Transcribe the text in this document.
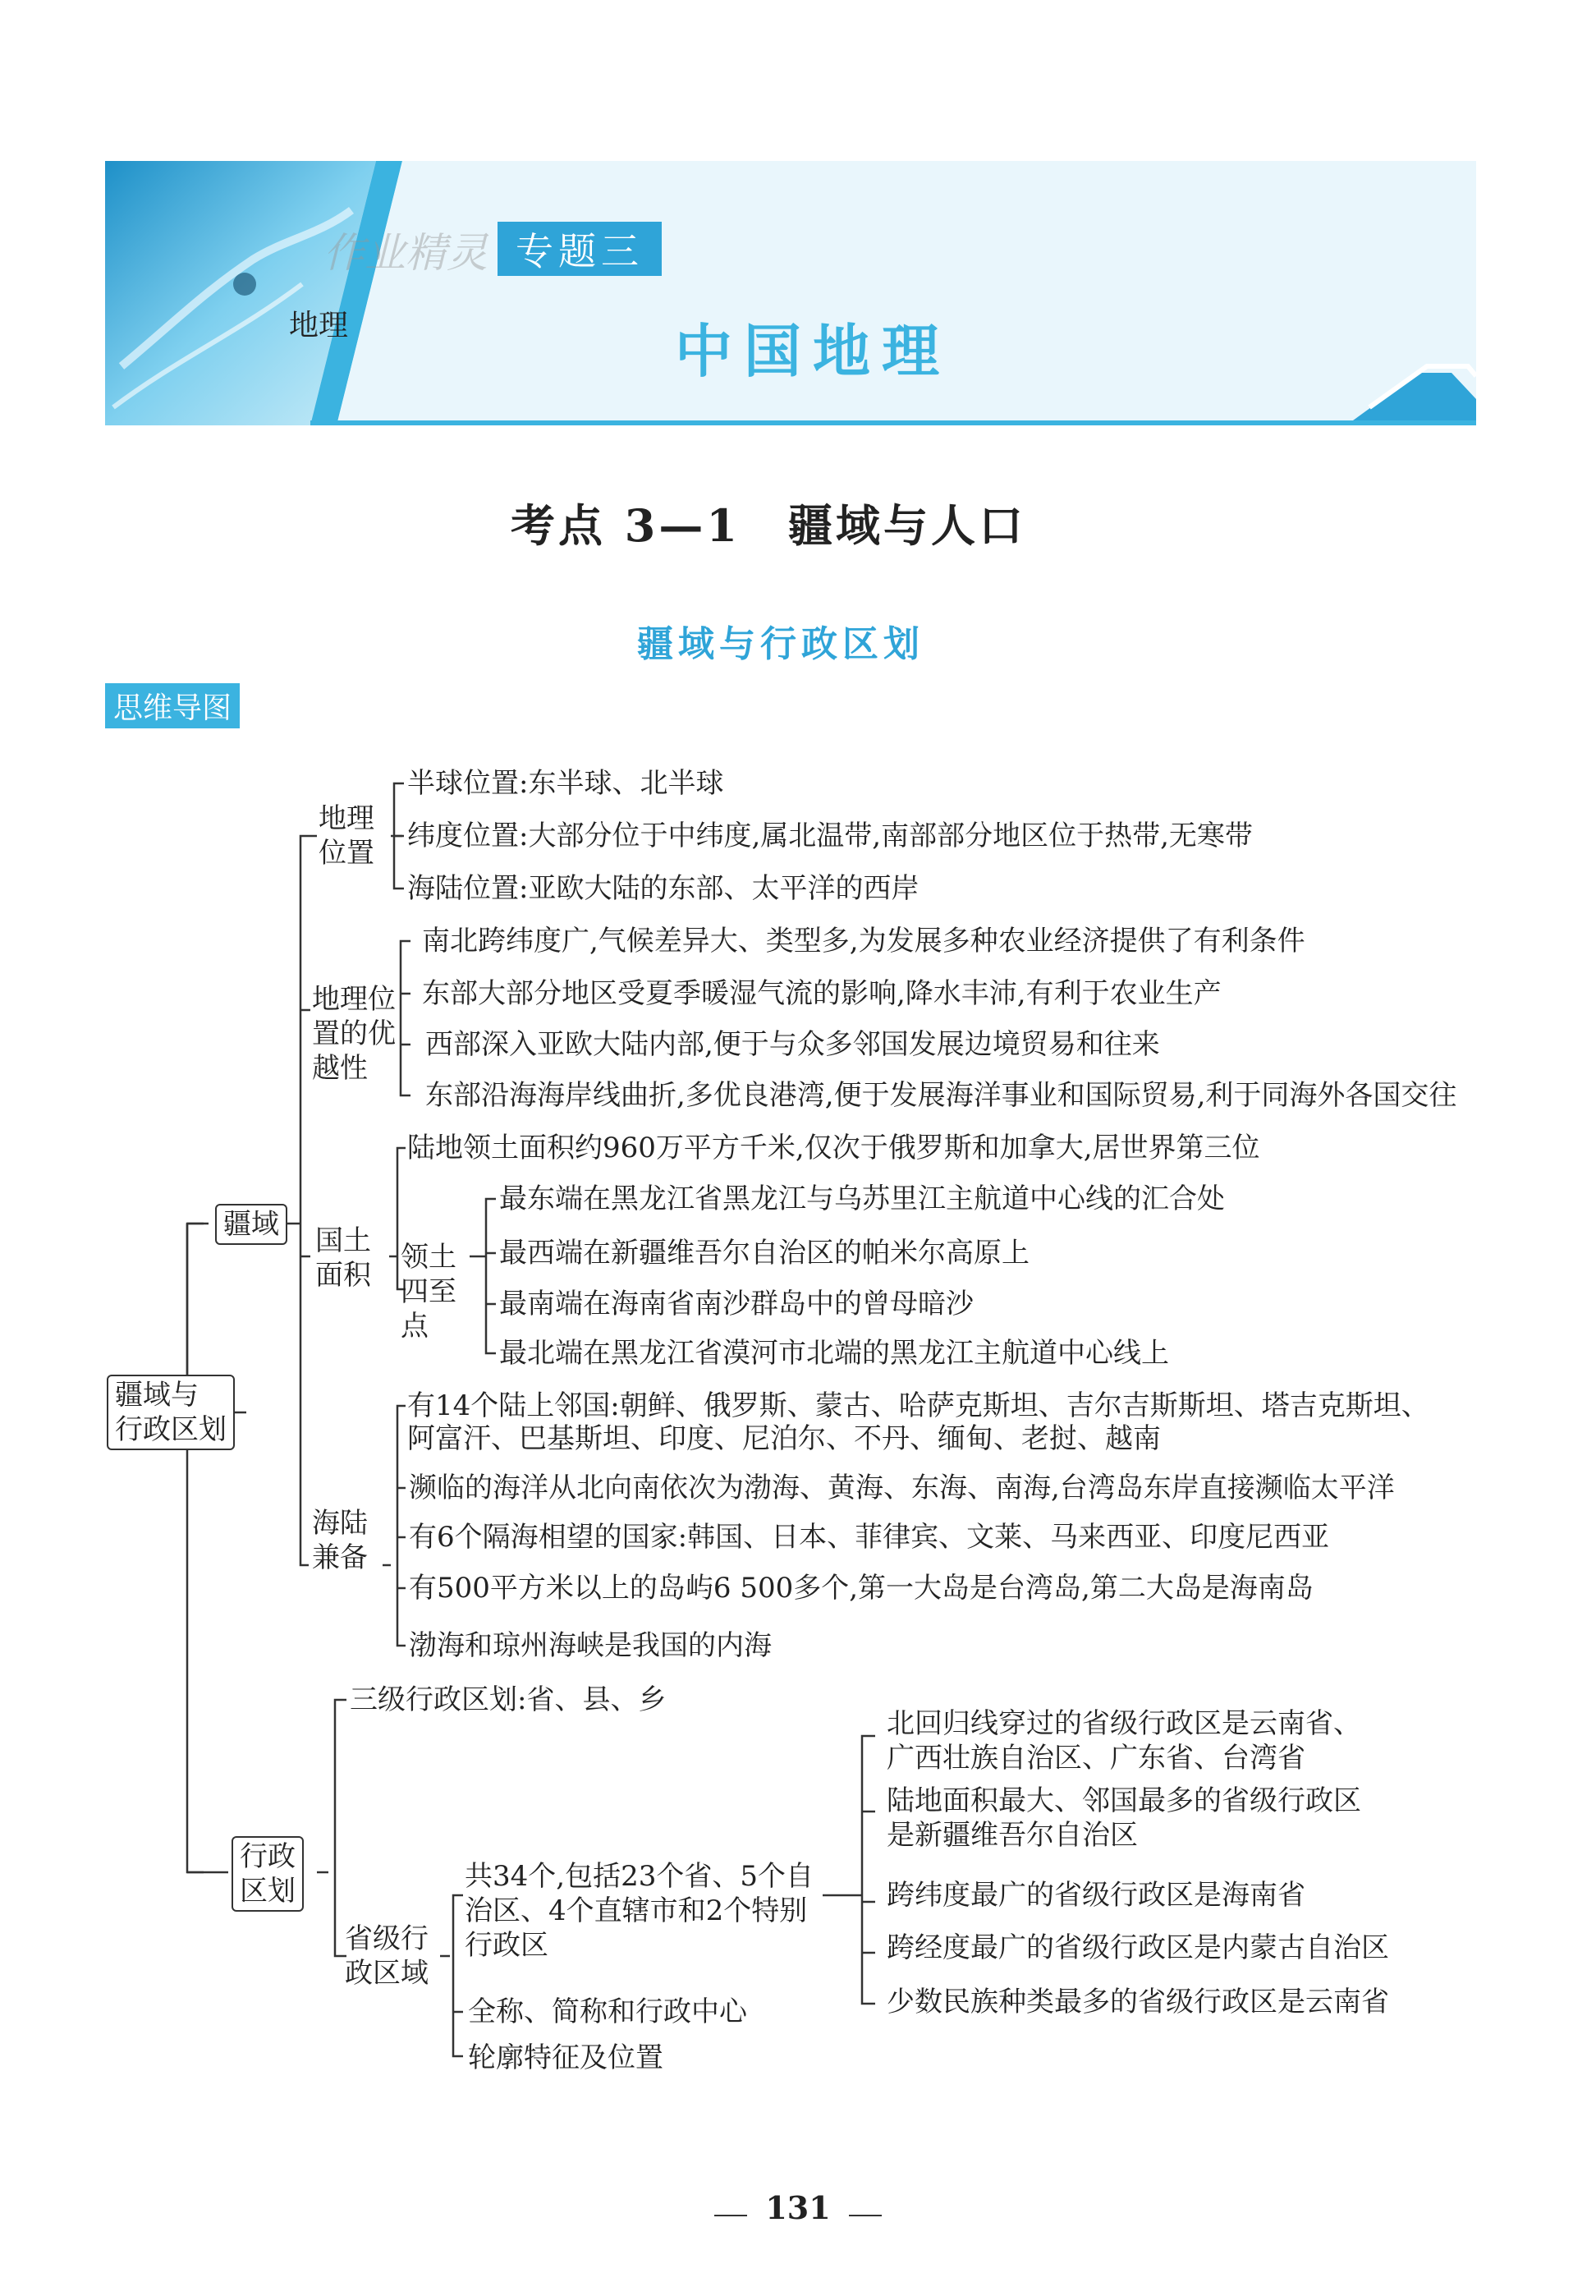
作业精灵 专题三
地理	中国地理
考点 3—1　疆域与人口
疆域与行政区划
思维导图
疆域与
行政区划
疆域
地理
位置
半球位置:东半球、北半球
纬度位置:大部分位于中纬度,属北温带,南部部分地区位于热带,无寒带
海陆位置:亚欧大陆的东部、太平洋的西岸
地理位
置的优
越性
南北跨纬度广,气候差异大、类型多,为发展多种农业经济提供了有利条件
东部大部分地区受夏季暖湿气流的影响,降水丰沛,有利于农业生产
西部深入亚欧大陆内部,便于与众多邻国发展边境贸易和往来
东部沿海海岸线曲折,多优良港湾,便于发展海洋事业和国际贸易,利于同海外各国交往
国土
面积
陆地领土面积约960万平方千米,仅次于俄罗斯和加拿大,居世界第三位
领土
四至
点
最东端在黑龙江省黑龙江与乌苏里江主航道中心线的汇合处
最西端在新疆维吾尔自治区的帕米尔高原上
最南端在海南省南沙群岛中的曾母暗沙
最北端在黑龙江省漠河市北端的黑龙江主航道中心线上
海陆
兼备
有14个陆上邻国:朝鲜、俄罗斯、蒙古、哈萨克斯坦、吉尔吉斯斯坦、塔吉克斯坦、
阿富汗、巴基斯坦、印度、尼泊尔、不丹、缅甸、老挝、越南
濒临的海洋从北向南依次为渤海、黄海、东海、南海,台湾岛东岸直接濒临太平洋
有6个隔海相望的国家:韩国、日本、菲律宾、文莱、马来西亚、印度尼西亚
有500平方米以上的岛屿6 500多个,第一大岛是台湾岛,第二大岛是海南岛
渤海和琼州海峡是我国的内海
行政
区划
三级行政区划:省、县、乡
省级行
政区域
共34个,包括23个省、5个自
治区、4个直辖市和2个特别
行政区
全称、简称和行政中心
轮廓特征及位置
北回归线穿过的省级行政区是云南省、
广西壮族自治区、广东省、台湾省
陆地面积最大、邻国最多的省级行政区
是新疆维吾尔自治区
跨纬度最广的省级行政区是海南省
跨经度最广的省级行政区是内蒙古自治区
少数民族种类最多的省级行政区是云南省
131
